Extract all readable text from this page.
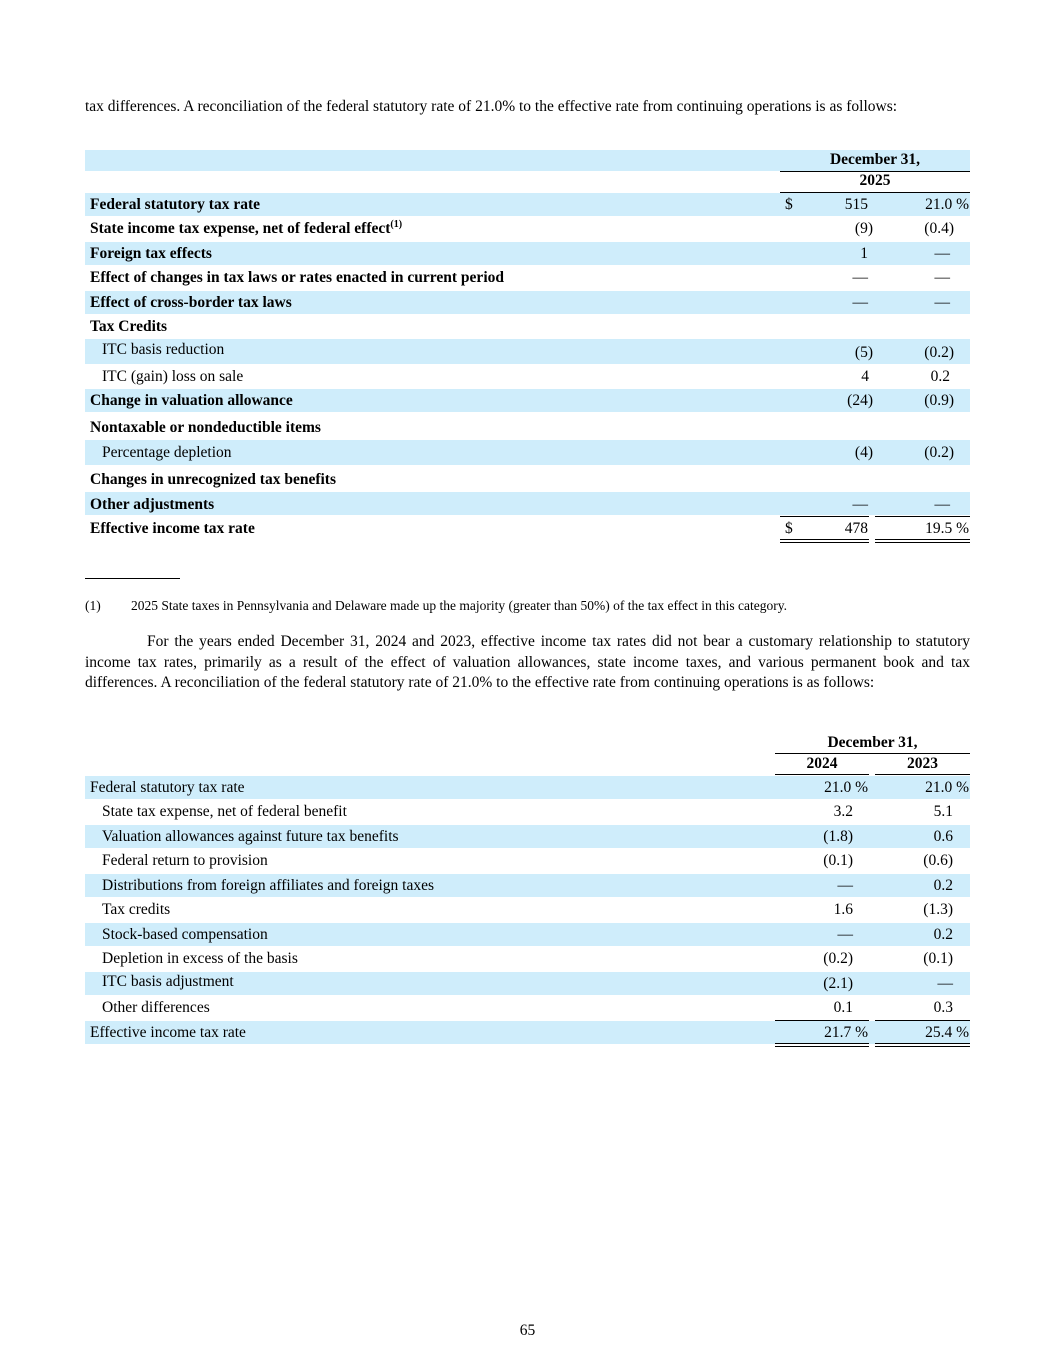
tax differences. A reconciliation of the federal statutory rate of 21.0% to the effective rate from continuing operations is as follows:

December 31,
2025
Federal statutory tax rate	$	515	21.0 %
State income tax expense, net of federal effect$^{(1)}$	(9)	(0.4)
Foreign tax effects	1	—
Effect of changes in tax laws or rates enacted in current period	—	—
Effect of cross-border tax laws	—	—
Tax Credits
ITC basis reduction	(5)	(0.2)
ITC (gain) loss on sale	4	0.2
Change in valuation allowance	(24)	(0.9)
Nontaxable or nondeductible items
Percentage depletion	(4)	(0.2)
Changes in unrecognized tax benefits
Other adjustments	—	—
Effective income tax rate	$	478	19.5 %
(1) 2025 State taxes in Pennsylvania and Delaware made up the majority (greater than 50%) of the tax effect in this category.

For the years ended December 31, 2024 and 2023, effective income tax rates did not bear a customary relationship to statutory income tax rates, primarily as a result of the effect of valuation allowances, state income taxes, and various permanent book and tax differences. A reconciliation of the federal statutory rate of 21.0% to the effective rate from continuing operations is as follows:

December 31,
2024	2023
Federal statutory tax rate	21.0 %	21.0 %
State tax expense, net of federal benefit	3.2	5.1
Valuation allowances against future tax benefits	(1.8)	0.6
Federal return to provision	(0.1)	(0.6)
Distributions from foreign affiliates and foreign taxes	—	0.2
Tax credits	1.6	(1.3)
Stock-based compensation	—	0.2
Depletion in excess of the basis	(0.2)	(0.1)
ITC basis adjustment	(2.1)	—
Other differences	0.1	0.3
Effective income tax rate	21.7 %	25.4 %
65
